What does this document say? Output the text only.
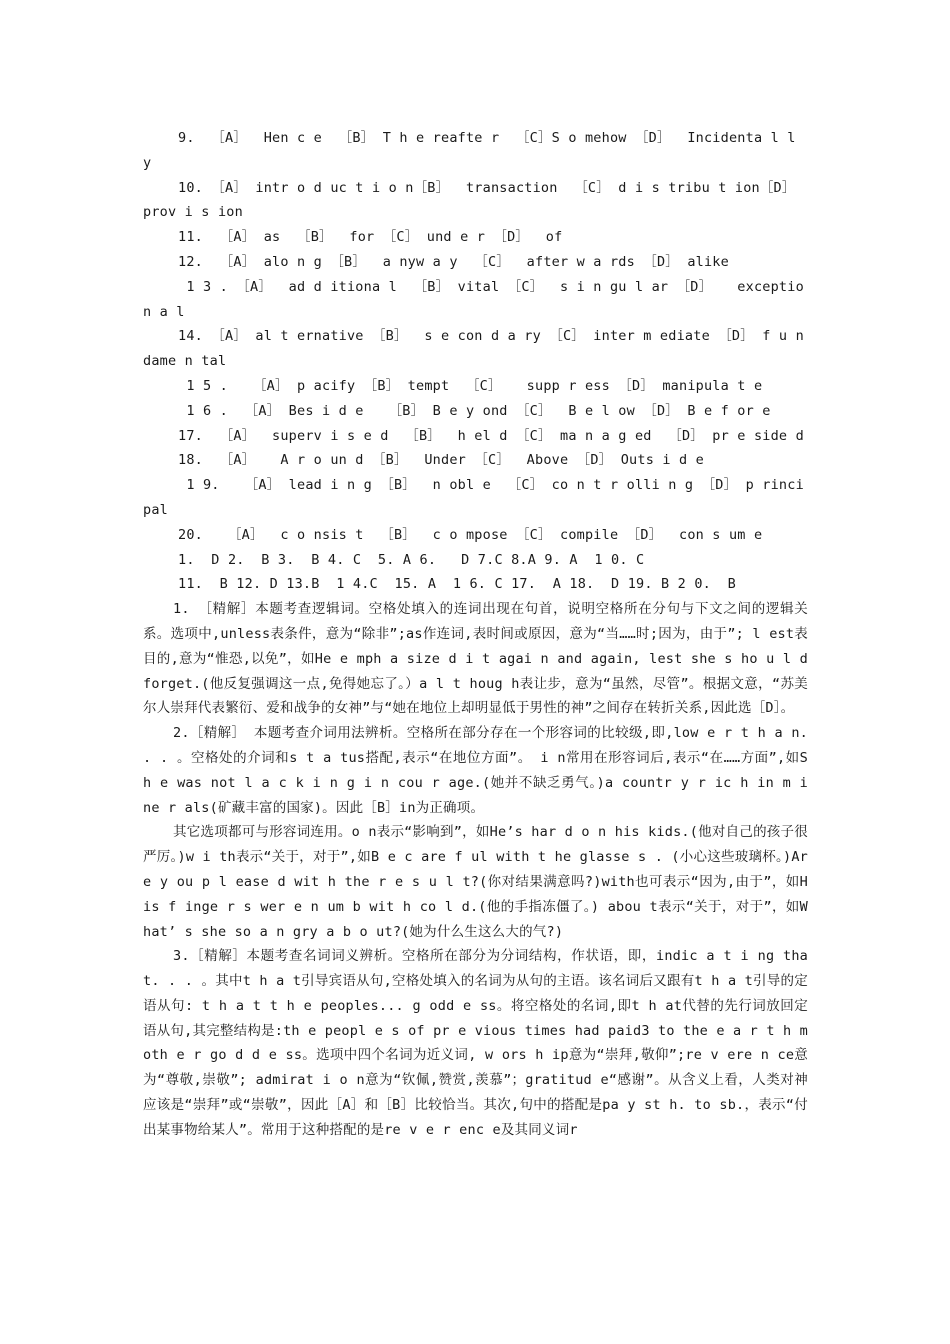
9.  ［A］  Hen c e  ［B］ T h e reafte r  ［C］S o mehow ［D］  Incidenta l l y
10. ［A］ intr o d uc t i o n［B］  transaction  ［C］ d i s tribu t ion［D］ prov i s ion
11.  ［A］ as  ［B］  for ［C］ und e r ［D］  of
12.  ［A］ alo n g ［B］  a nyw a y  ［C］  after w a rds ［D］ alike
1 3 . ［A］  ad d itiona l  ［B］ vital ［C］  s i n gu l ar ［D］   exception a l
14. ［A］ al t ernative ［B］  s e con d a ry ［C］ inter m ediate ［D］ f u ndame n tal
1 5 .   ［A］ p acify ［B］ tempt  ［C］   supp r ess ［D］ manipula t e
1 6 .  ［A］ Bes i d e   ［B］ B e y ond ［C］  B e l ow ［D］ B e f or e
17.  ［A］  superv i s e d  ［B］  h el d ［C］ ma n a g ed  ［D］ pr e side d
18.  ［A］   A r o un d ［B］  Under ［C］  Above ［D］ Outs i d e
1 9.   ［A］ lead i n g ［B］  n obl e  ［C］ co n t r olli n g ［D］ p rincipal
20.   ［A］  c o nsis t  ［B］  c o mpose ［C］ compile ［D］  con s um e
1.  D 2.  B 3.  B 4. C  5. A 6.   D 7.C 8.A 9. A  1 0. C
11.  B 12. D 13.B  1 4.C  15. A  1 6. C 17.  A 18.  D 19. B 2 0.  B

1. ［精解］本题考查逻辑词。空格处填入的连词出现在句首，说明空格所在分句与下文之间的逻辑关系。选项中,unless表条件，意为“除非”;as作连词,表时间或原因，意为“当……时;因为，由于”; l est表目的,意为“惟恐,以免”，如He e mph a size d i t agai n and again, lest she s ho u l d forget.(他反复强调这一点,免得她忘了。）a l t houg h表让步，意为“虽然，尽管”。根据文意，“苏美尔人崇拜代表繁衍、爱和战争的女神”与“她在地位上却明显低于男性的神”之间存在转折关系,因此选［D］。

2.［精解］ 本题考查介词用法辨析。空格所在部分存在一个形容词的比较级,即,low e r t h a n. . . 。空格处的介词和s t a tus搭配,表示“在地位方面”。 i n常用在形容词后,表示“在……方面”,如S h e was not l a c k i n g i n cou r age.(她并不缺乏勇气。)a countr y r ic h in m i ne r als(矿藏丰富的国家)。因此［B］in为正确项。

其它选项都可与形容词连用。o n表示“影响到”，如He’s har d o n his kids.(他对自己的孩子很严厉。)w i th表示“关于，对于”,如B e c are f ul with t he glasse s . (小心这些玻璃杯。)Ar e y ou p l ease d wit h the r e s u l t?(你对结果满意吗?)with也可表示“因为,由于”，如His f inge r s wer e n um b wit h co l d.(他的手指冻僵了。) abou t表示“关于，对于”，如What’ s she so a n gry a b o ut?(她为什么生这么大的气?)

3.［精解］本题考查名词词义辨析。空格所在部分为分词结构，作状语，即，indic a t i ng that. . . 。其中t h a t引导宾语从句,空格处填入的名词为从句的主语。该名词后又跟有t h a t引导的定语从句: t h a t t h e peoples... g odd e ss。将空格处的名词,即t h at代替的先行词放回定语从句,其完整结构是:th e peopl e s of pr e vious times had paid3 to the e a r t h moth e r go d d e ss。选项中四个名词为近义词, w ors h ip意为“崇拜,敬仰”;re v ere n ce意为“尊敬,崇敬”; admirat i o n意为“钦佩,赞赏,羡慕”；gratitud e“感谢”。从含义上看，人类对神应该是“崇拜”或“崇敬”，因此［A］和［B］比较恰当。其次,句中的搭配是pa y st h. to sb.，表示“付出某事物给某人”。常用于这种搭配的是re v e r enc e及其同义词r
